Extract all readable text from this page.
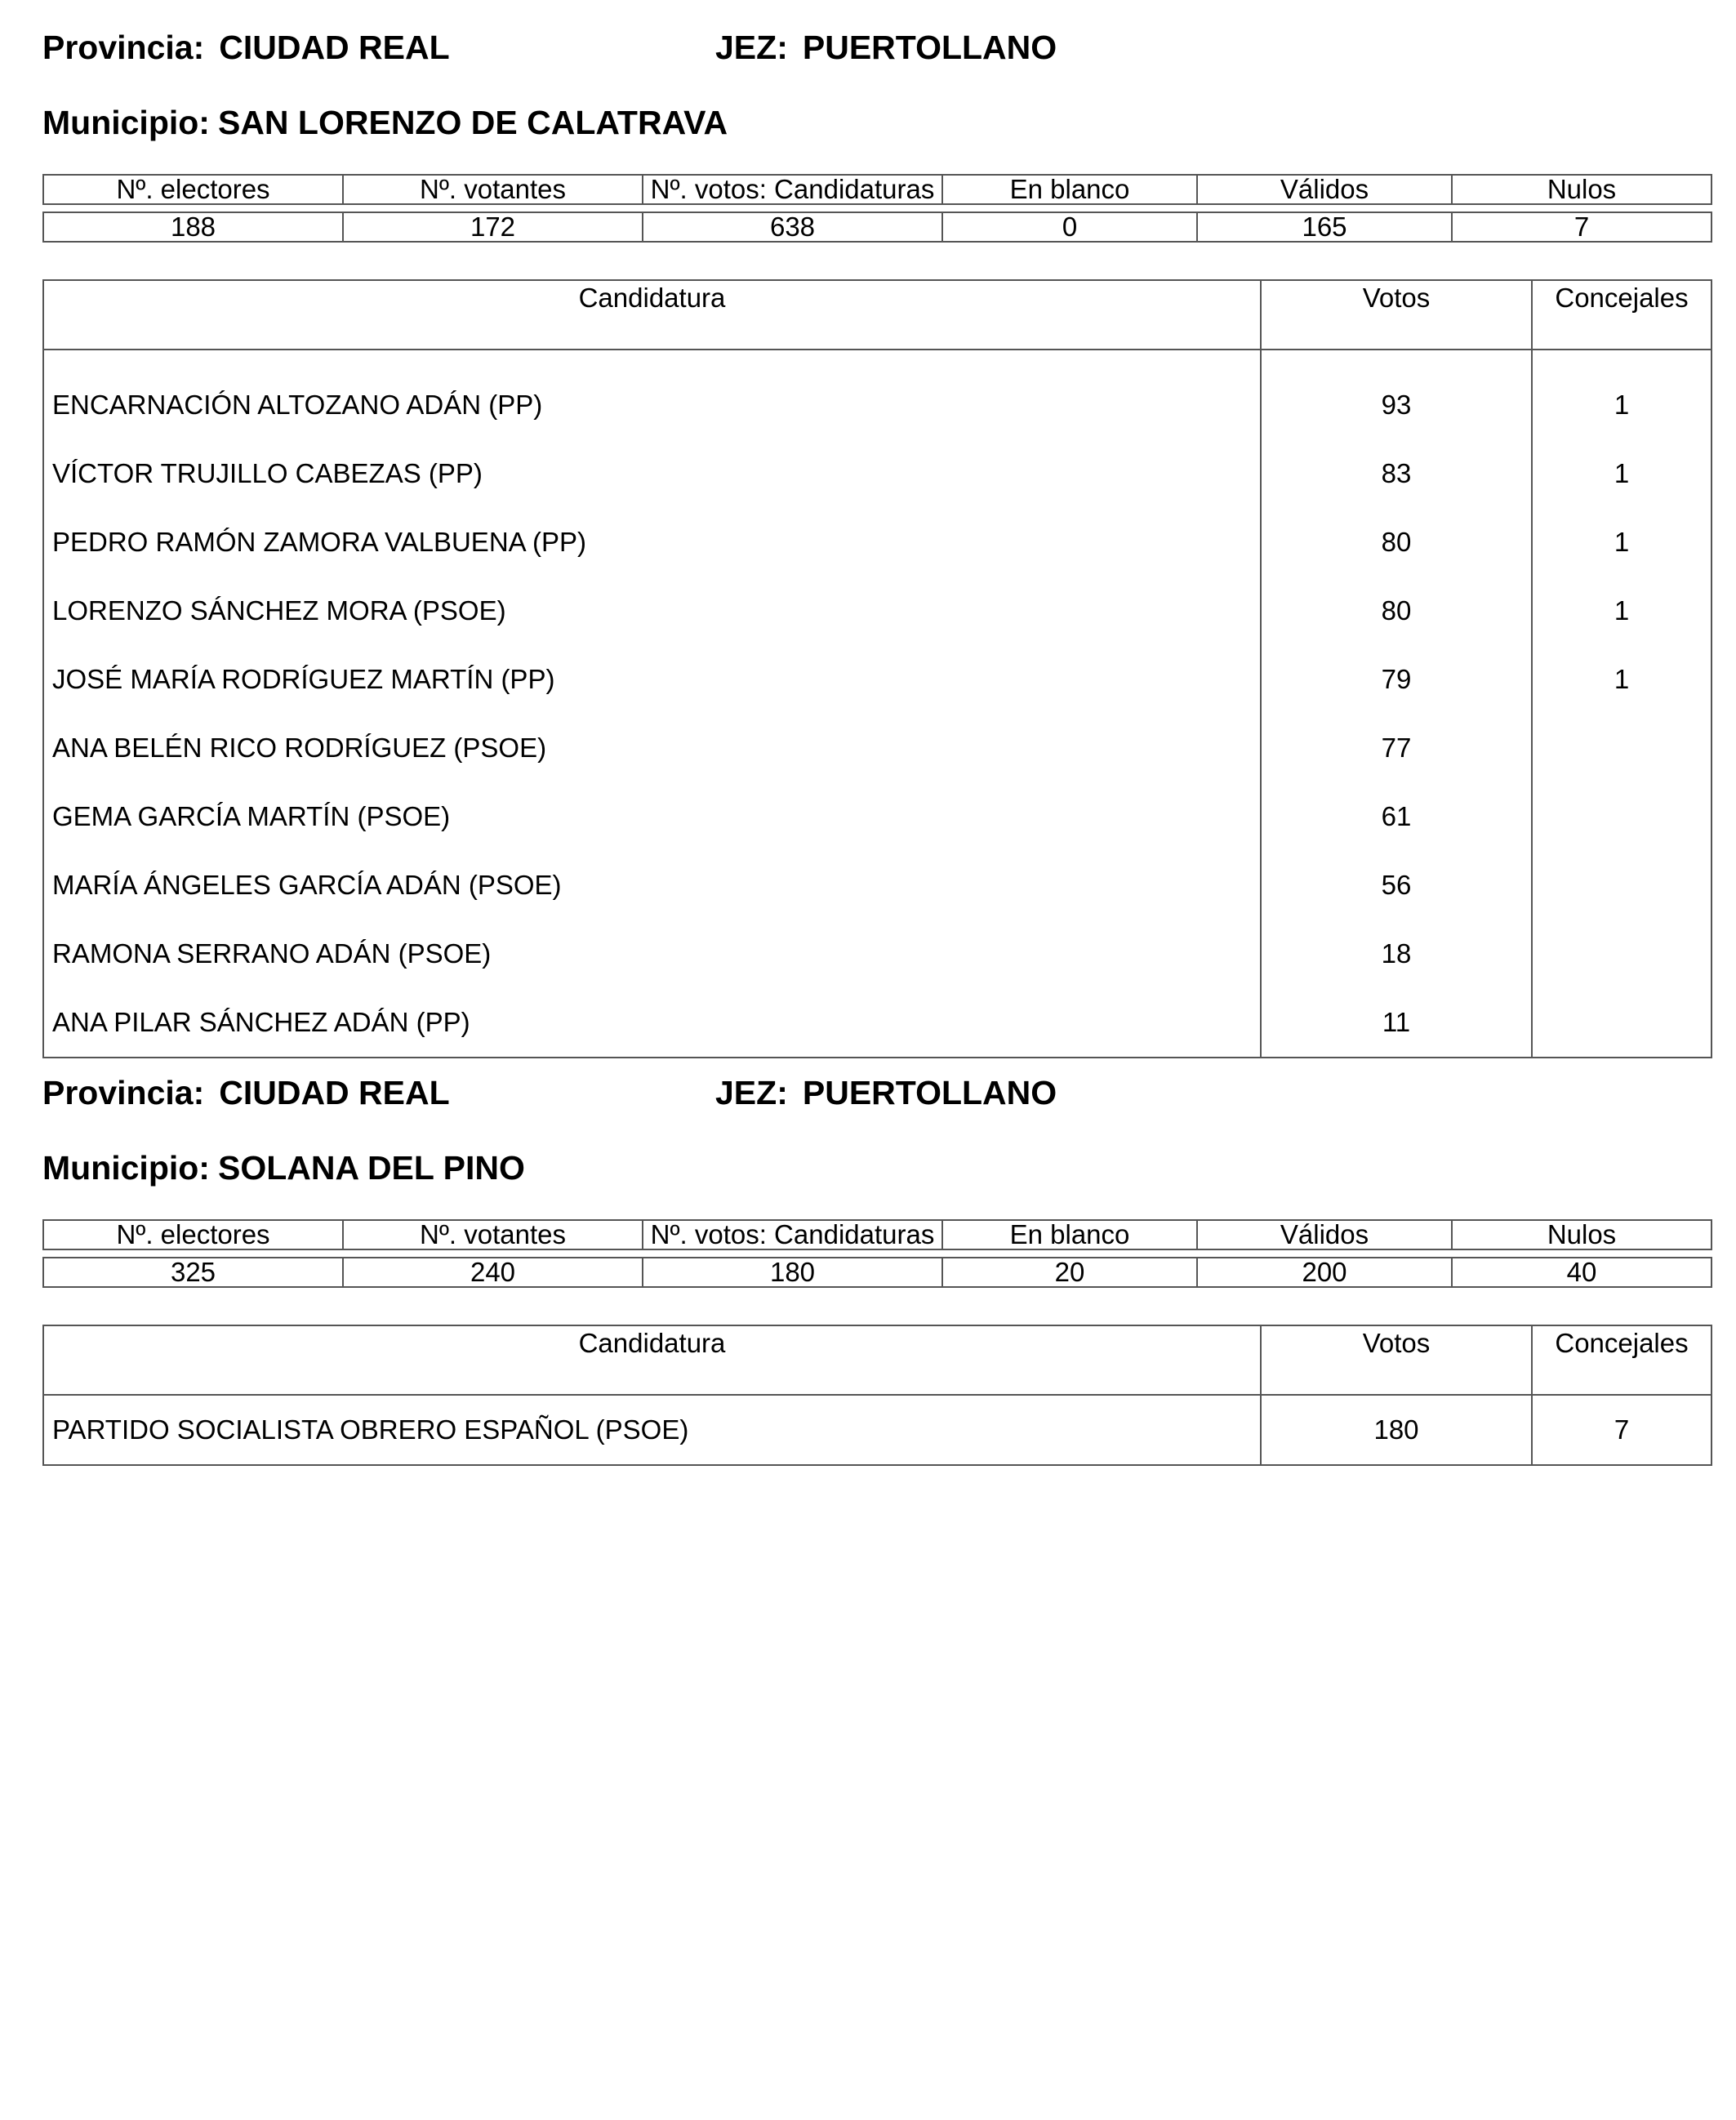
Provincia: CIUDAD REAL	JEZ: PUERTOLLANO
Municipio: SAN LORENZO DE CALATRAVA
Nº. electores	Nº. votantes	Nº. votos: Candidaturas	En blanco	Válidos	Nulos

188	172	638	0	165	7
Candidatura	Votos	Concejales
ENCARNACIÓN ALTOZANO ADÁN (PP)	93	1
VÍCTOR TRUJILLO CABEZAS (PP)	83	1
PEDRO RAMÓN ZAMORA VALBUENA (PP)	80	1
LORENZO SÁNCHEZ MORA (PSOE)	80	1
JOSÉ MARÍA RODRÍGUEZ MARTÍN (PP)	79	1
ANA BELÉN RICO RODRÍGUEZ (PSOE)	77	
GEMA GARCÍA MARTÍN (PSOE)	61	
MARÍA ÁNGELES GARCÍA ADÁN (PSOE)	56	
RAMONA SERRANO ADÁN (PSOE)	18	
ANA PILAR SÁNCHEZ ADÁN (PP)	11	
Provincia: CIUDAD REAL	JEZ: PUERTOLLANO
Municipio: SOLANA DEL PINO
Nº. electores	Nº. votantes	Nº. votos: Candidaturas	En blanco	Válidos	Nulos

325	240	180	20	200	40
Candidatura	Votos	Concejales
PARTIDO SOCIALISTA OBRERO ESPAÑOL (PSOE)	180	7
